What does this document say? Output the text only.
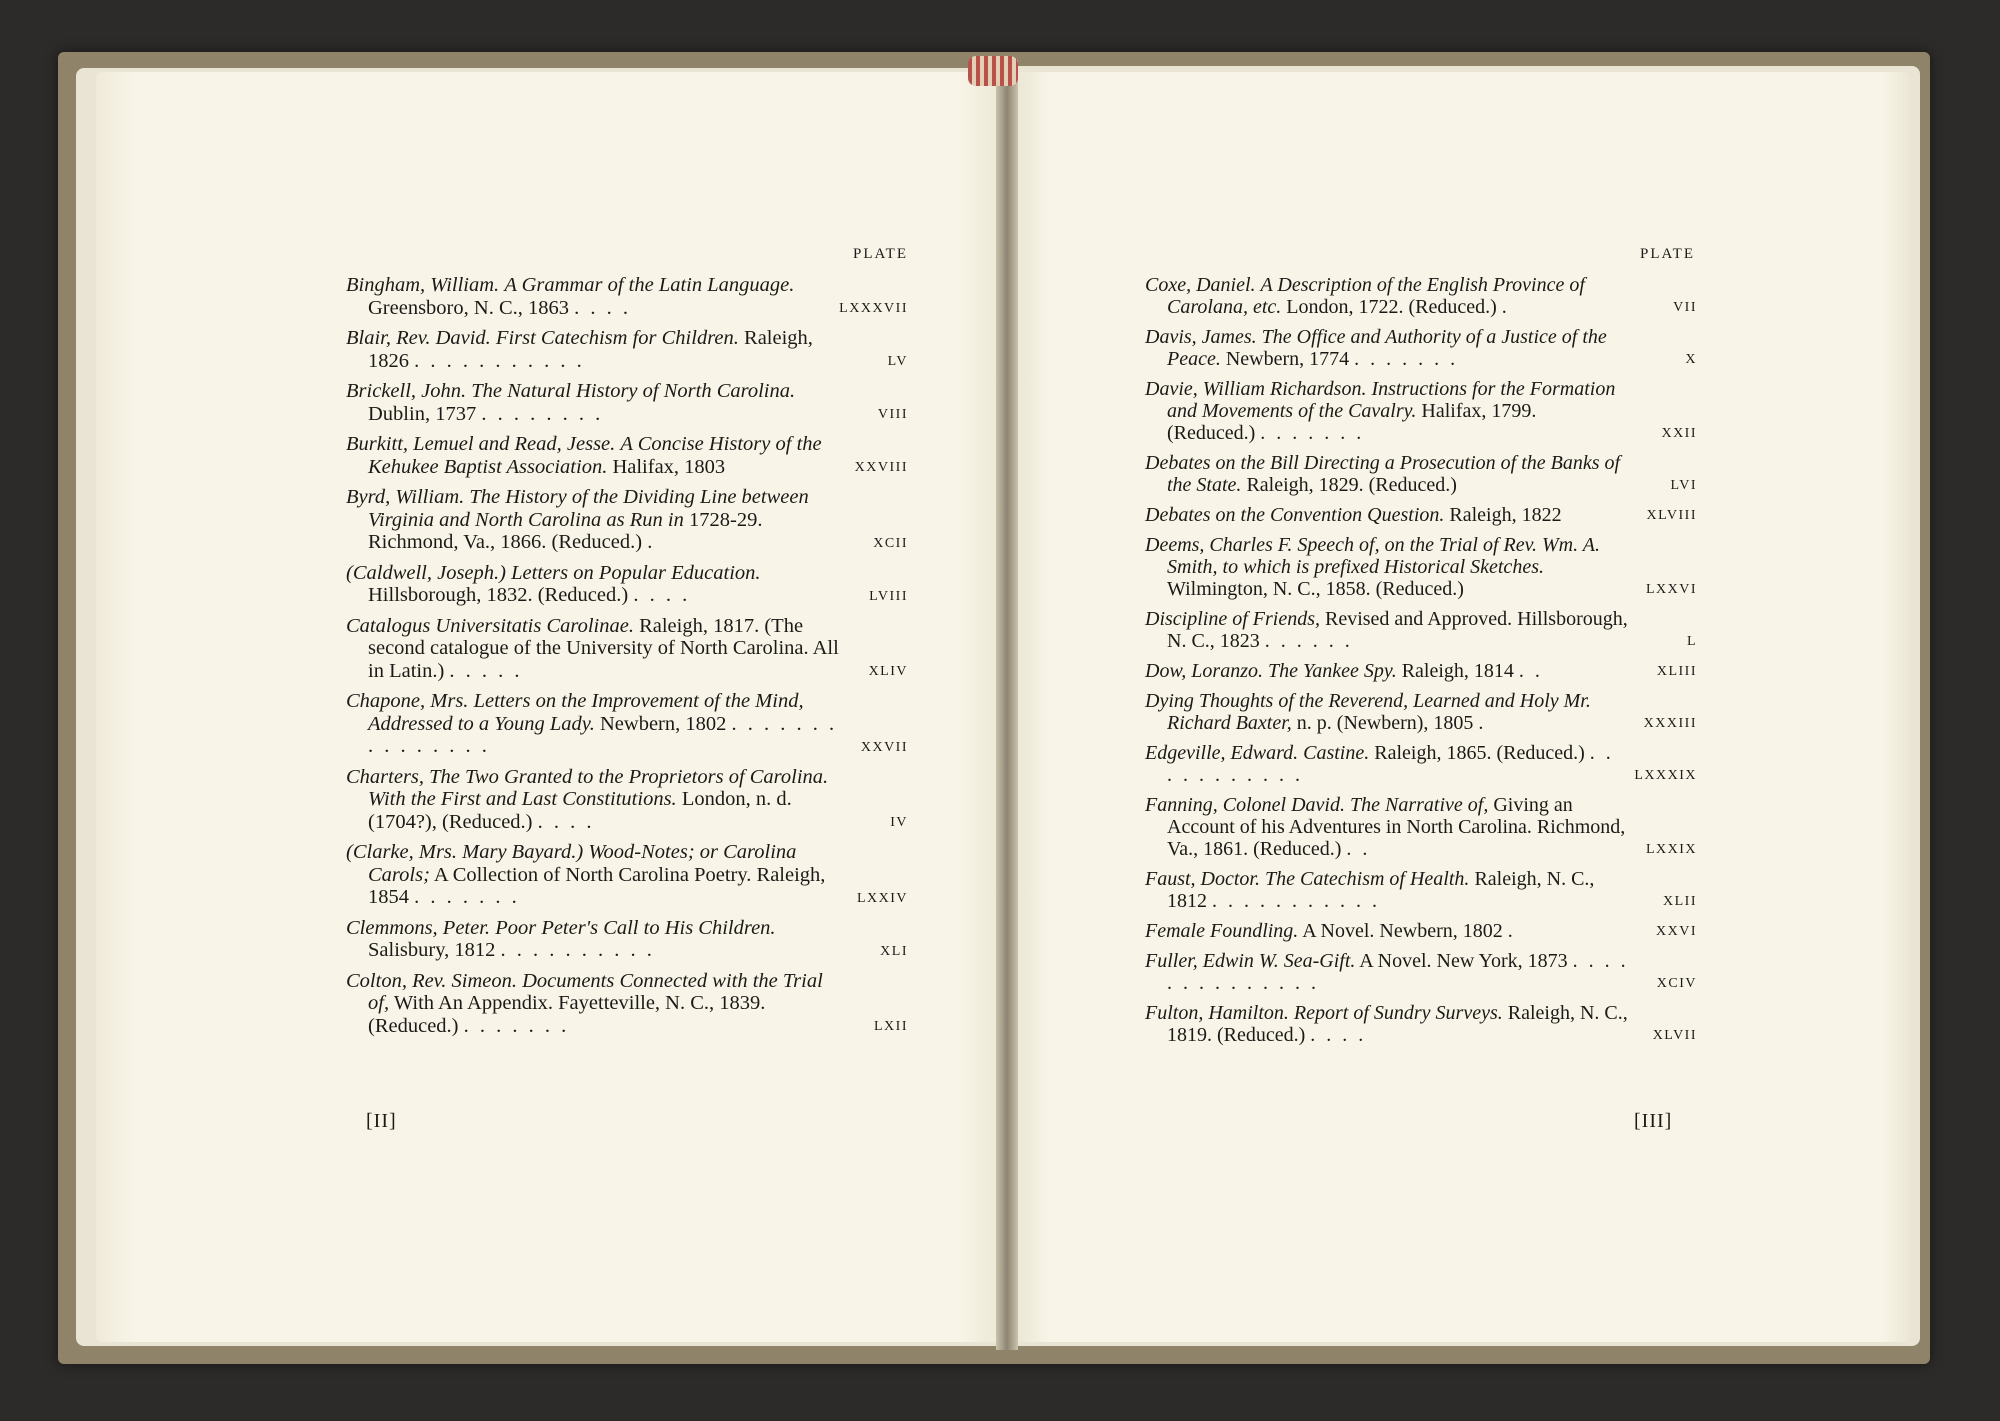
PLATE
Bingham, William. A Grammar of the Latin Language. Greensboro, N. C., 1863 . . . .	LXXXVII
Blair, Rev. David. First Catechism for Children. Raleigh, 1826 . . . . . . . . . . .	LV
Brickell, John. The Natural History of North Carolina. Dublin, 1737 . . . . . . . .	VIII
Burkitt, Lemuel and Read, Jesse. A Concise History of the Kehukee Baptist Association. Halifax, 1803	XXVIII
Byrd, William. The History of the Dividing Line between Virginia and North Carolina as Run in 1728-29. Richmond, Va., 1866. (Reduced.) .	XCII
(Caldwell, Joseph.) Letters on Popular Education. Hillsborough, 1832. (Reduced.) . . . .	LVIII
Catalogus Universitatis Carolinae. Raleigh, 1817. (The second catalogue of the University of North Carolina. All in Latin.) . . . . .	XLIV
Chapone, Mrs. Letters on the Improvement of the Mind, Addressed to a Young Lady. Newbern, 1802 . . . . . . . . . . . . . . .	XXVII
Charters, The Two Granted to the Proprietors of Carolina. With the First and Last Constitutions. London, n. d. (1704?), (Reduced.) . . . .	IV
(Clarke, Mrs. Mary Bayard.) Wood-Notes; or Carolina Carols; A Collection of North Carolina Poetry. Raleigh, 1854 . . . . . . .	LXXIV
Clemmons, Peter. Poor Peter's Call to His Children. Salisbury, 1812 . . . . . . . . . .	XLI
Colton, Rev. Simeon. Documents Connected with the Trial of, With An Appendix. Fayetteville, N. C., 1839. (Reduced.) . . . . . . .	LXII
PLATE
Coxe, Daniel. A Description of the English Province of Carolana, etc. London, 1722. (Reduced.) .	VII
Davis, James. The Office and Authority of a Justice of the Peace. Newbern, 1774 . . . . . . .	X
Davie, William Richardson. Instructions for the Formation and Movements of the Cavalry. Halifax, 1799. (Reduced.) . . . . . . .	XXII
Debates on the Bill Directing a Prosecution of the Banks of the State. Raleigh, 1829. (Reduced.)	LVI
Debates on the Convention Question. Raleigh, 1822	XLVIII
Deems, Charles F. Speech of, on the Trial of Rev. Wm. A. Smith, to which is prefixed Historical Sketches. Wilmington, N. C., 1858. (Reduced.)	LXXVI
Discipline of Friends, Revised and Approved. Hillsborough, N. C., 1823 . . . . . .	L
Dow, Loranzo. The Yankee Spy. Raleigh, 1814 . .	XLIII
Dying Thoughts of the Reverend, Learned and Holy Mr. Richard Baxter, n. p. (Newbern), 1805 .	XXXIII
Edgeville, Edward. Castine. Raleigh, 1865. (Reduced.) . . . . . . . . . . .	LXXXIX
Fanning, Colonel David. The Narrative of, Giving an Account of his Adventures in North Carolina. Richmond, Va., 1861. (Reduced.) . .	LXXIX
Faust, Doctor. The Catechism of Health. Raleigh, N. C., 1812 . . . . . . . . . . .	XLII
Female Foundling. A Novel. Newbern, 1802 .	XXVI
Fuller, Edwin W. Sea-Gift. A Novel. New York, 1873 . . . . . . . . . . . . . .	XCIV
Fulton, Hamilton. Report of Sundry Surveys. Raleigh, N. C., 1819. (Reduced.) . . . .	XLVII
[II]	[III]
